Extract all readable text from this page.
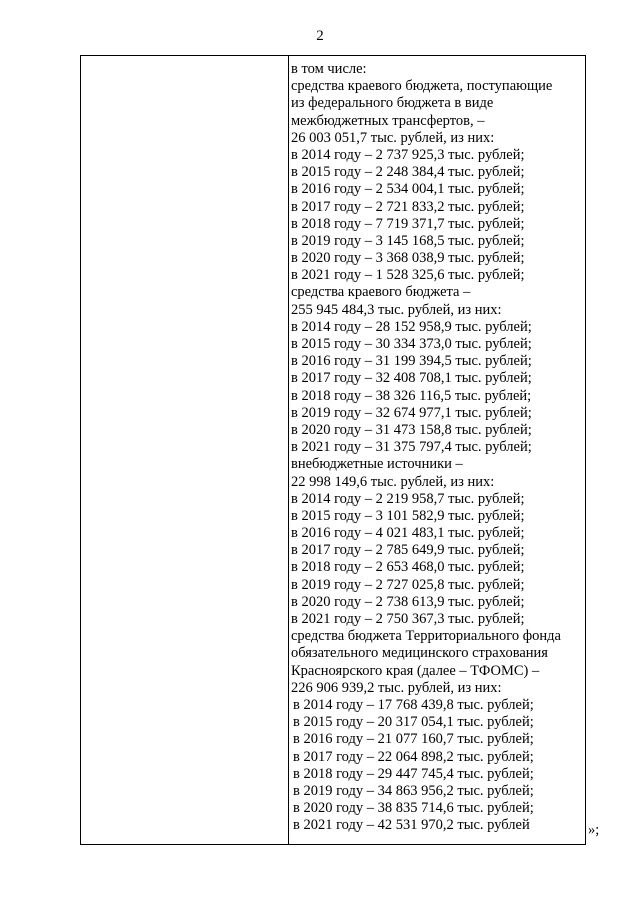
2
в том числе:
средства краевого бюджета, поступающие
из федерального бюджета в виде
межбюджетных трансфертов, –
26 003 051,7 тыс. рублей, из них:
в 2014 году – 2 737 925,3 тыс. рублей;
в 2015 году – 2 248 384,4 тыс. рублей;
в 2016 году – 2 534 004,1 тыс. рублей;
в 2017 году – 2 721 833,2 тыс. рублей;
в 2018 году – 7 719 371,7 тыс. рублей;
в 2019 году – 3 145 168,5 тыс. рублей;
в 2020 году – 3 368 038,9 тыс. рублей;
в 2021 году – 1 528 325,6 тыс. рублей;
средства краевого бюджета –
255 945 484,3 тыс. рублей, из них:
в 2014 году – 28 152 958,9 тыс. рублей;
в 2015 году – 30 334 373,0 тыс. рублей;
в 2016 году – 31 199 394,5 тыс. рублей;
в 2017 году – 32 408 708,1 тыс. рублей;
в 2018 году – 38 326 116,5 тыс. рублей;
в 2019 году – 32 674 977,1 тыс. рублей;
в 2020 году – 31 473 158,8 тыс. рублей;
в 2021 году – 31 375 797,4 тыс. рублей;
внебюджетные источники –
22 998 149,6 тыс. рублей, из них:
в 2014 году – 2 219 958,7 тыс. рублей;
в 2015 году – 3 101 582,9 тыс. рублей;
в 2016 году – 4 021 483,1 тыс. рублей;
в 2017 году – 2 785 649,9 тыс. рублей;
в 2018 году – 2 653 468,0 тыс. рублей;
в 2019 году – 2 727 025,8 тыс. рублей;
в 2020 году – 2 738 613,9 тыс. рублей;
в 2021 году – 2 750 367,3 тыс. рублей;
средства бюджета Территориального фонда
обязательного медицинского страхования
Красноярского края (далее – ТФОМС) –
226 906 939,2 тыс. рублей, из них:
в 2014 году – 17 768 439,8 тыс. рублей;
в 2015 году – 20 317 054,1 тыс. рублей;
в 2016 году – 21 077 160,7 тыс. рублей;
в 2017 году – 22 064 898,2 тыс. рублей;
в 2018 году – 29 447 745,4 тыс. рублей;
в 2019 году – 34 863 956,2 тыс. рублей;
в 2020 году – 38 835 714,6 тыс. рублей;
в 2021 году – 42 531 970,2 тыс. рублей	»;
